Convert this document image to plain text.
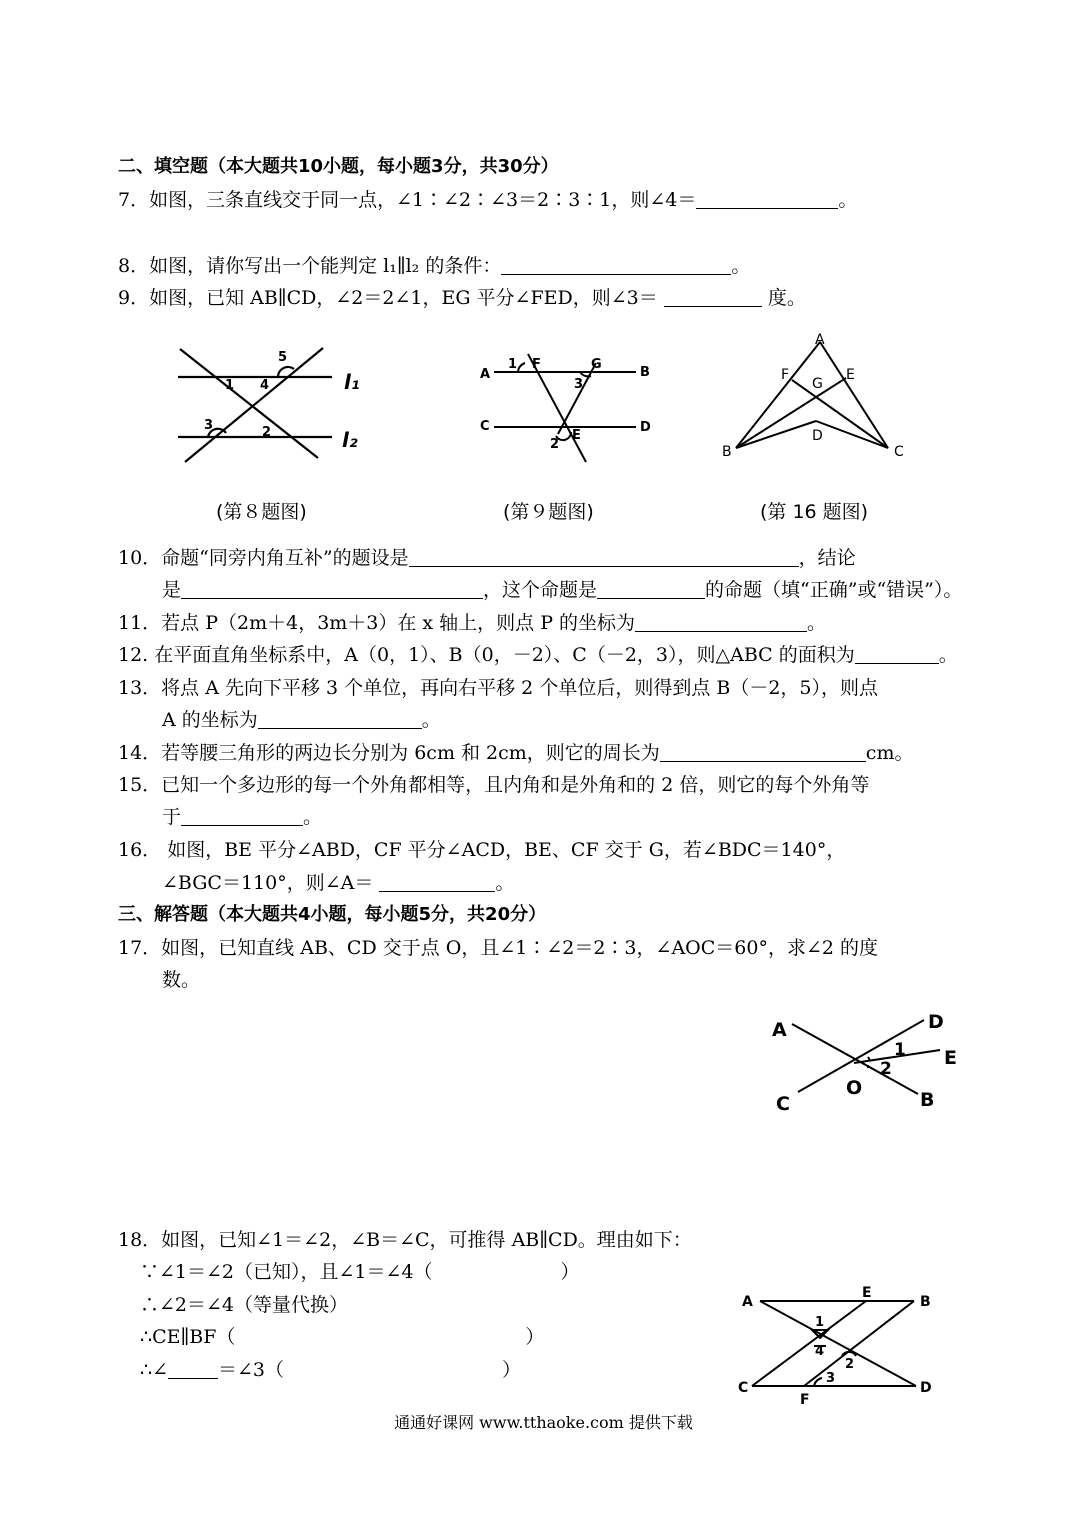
二、填空题（本大题共10小题，每小题3分，共30分）
7．如图，三条直线交于同一点，∠1∶∠2∶∠3＝2∶3∶1，则∠4＝	。
8．如图，请你写出一个能判定 l₁∥l₂ 的条件：	。
9．如图，已知 AB∥CD，∠2＝2∠1，EG 平分∠FED，则∠3＝	度。
5
1 4
3	2
l₁
l₂
(第８题图)
A	B
C	D
1 F	G
3
E
2
(第９题图)
A
F
G
E
D
B	C
(第 16 题图)
10．命题“同旁内角互补”的题设是	，结论
是	，这个命题是	的命题（填“正确”或“错误”）。
11．若点 P（2m＋4，3m＋3）在 x 轴上，则点 P 的坐标为	。
12. 在平面直角坐标系中，A（0，1）、B（0，－2）、C（－2，3），则△ABC 的面积为	。
13．将点 A 先向下平移 3 个单位，再向右平移 2 个单位后，则得到点 B（－2，5），则点
A 的坐标为	。
14．若等腰三角形的两边长分别为 6cm 和 2cm，则它的周长为	cm。
15．已知一个多边形的每一个外角都相等，且内角和是外角和的 2 倍，则它的每个外角等
于	。
16． 如图，BE 平分∠ABD，CF 平分∠ACD，BE、CF 交于 G，若∠BDC＝140°，
∠BGC＝110°，则∠A＝	。
三、解答题（本大题共4小题，每小题5分，共20分）
17．如图，已知直线 AB、CD 交于点 O，且∠1∶∠2＝2∶3，∠AOC＝60°，求∠2 的度
数。
A	D
1 E
2
O
C	B
18．如图，已知∠1＝∠2，∠B＝∠C，可推得 AB∥CD。理由如下：
∵∠1＝∠2（已知），且∠1＝∠4（	）
∴∠2＝∠4（等量代换）
∴CE∥BF（	）
∴∠	＝∠3（	）
A
E
B
1
4
2
3
C
F
D
通通好课网 www.tthaoke.com 提供下载
